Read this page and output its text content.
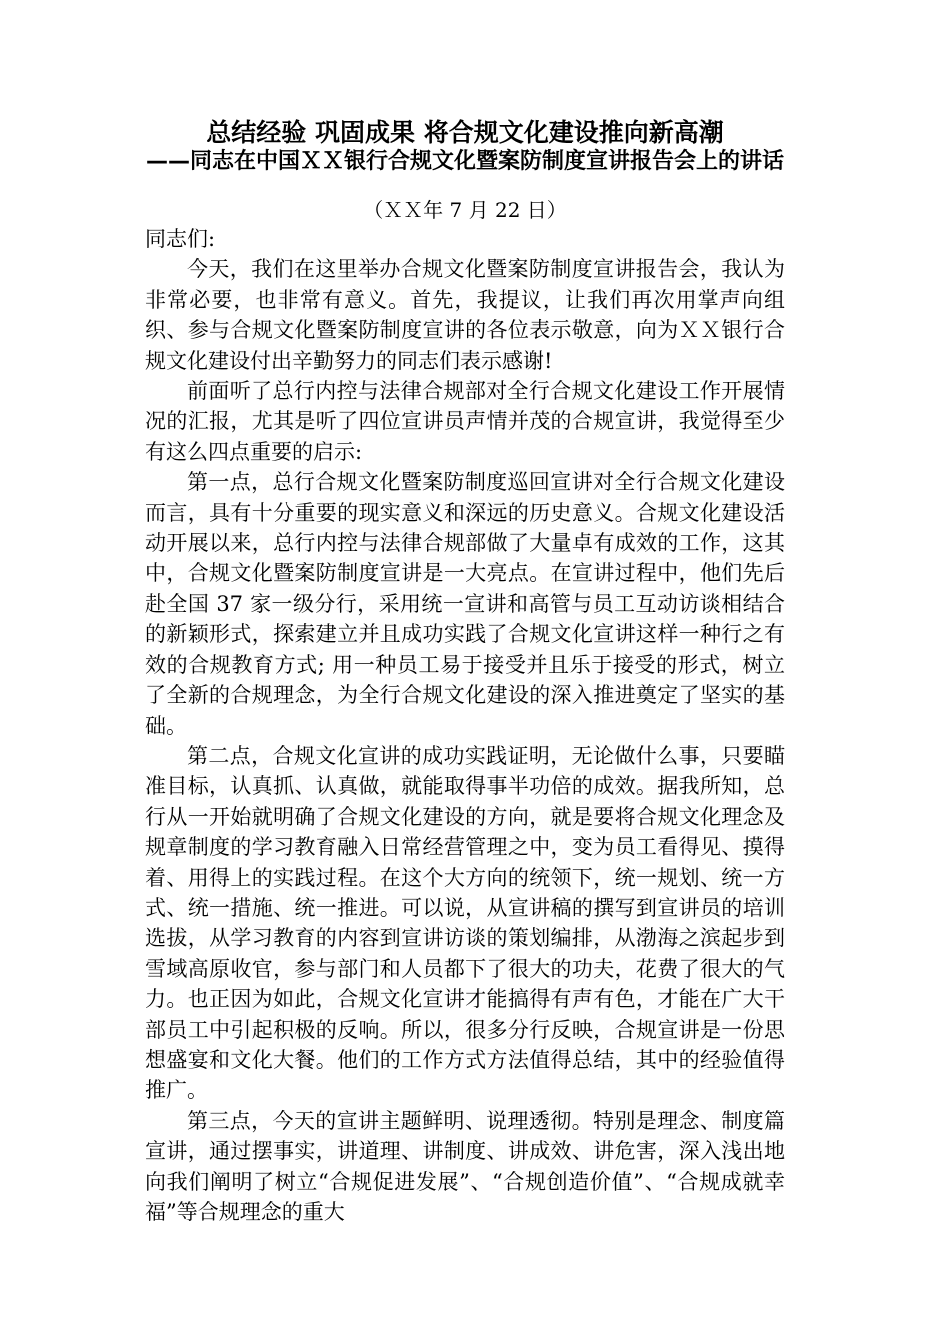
总结经验 巩固成果 将合规文化建设推向新高潮
——同志在中国ＸＸ银行合规文化暨案防制度宣讲报告会上的讲话

（ＸＸ年 7 月 22 日）

同志们:

今天，我们在这里举办合规文化暨案防制度宣讲报告会，我认为非常必要，也非常有意义。首先，我提议，让我们再次用掌声向组织、参与合规文化暨案防制度宣讲的各位表示敬意，向为ＸＸ银行合规文化建设付出辛勤努力的同志们表示感谢!

前面听了总行内控与法律合规部对全行合规文化建设工作开展情况的汇报，尤其是听了四位宣讲员声情并茂的合规宣讲，我觉得至少有这么四点重要的启示:

第一点，总行合规文化暨案防制度巡回宣讲对全行合规文化建设而言，具有十分重要的现实意义和深远的历史意义。合规文化建设活动开展以来，总行内控与法律合规部做了大量卓有成效的工作，这其中，合规文化暨案防制度宣讲是一大亮点。在宣讲过程中，他们先后赴全国 37 家一级分行，采用统一宣讲和高管与员工互动访谈相结合的新颖形式，探索建立并且成功实践了合规文化宣讲这样一种行之有效的合规教育方式; 用一种员工易于接受并且乐于接受的形式，树立了全新的合规理念，为全行合规文化建设的深入推进奠定了坚实的基础。

第二点，合规文化宣讲的成功实践证明，无论做什么事，只要瞄准目标，认真抓、认真做，就能取得事半功倍的成效。据我所知，总行从一开始就明确了合规文化建设的方向，就是要将合规文化理念及规章制度的学习教育融入日常经营管理之中，变为员工看得见、摸得着、用得上的实践过程。在这个大方向的统领下，统一规划、统一方式、统一措施、统一推进。可以说，从宣讲稿的撰写到宣讲员的培训选拔，从学习教育的内容到宣讲访谈的策划编排，从渤海之滨起步到雪域高原收官，参与部门和人员都下了很大的功夫，花费了很大的气力。也正因为如此，合规文化宣讲才能搞得有声有色，才能在广大干部员工中引起积极的反响。所以，很多分行反映，合规宣讲是一份思想盛宴和文化大餐。他们的工作方式方法值得总结，其中的经验值得推广。

第三点，今天的宣讲主题鲜明、说理透彻。特别是理念、制度篇宣讲，通过摆事实，讲道理、讲制度、讲成效、讲危害，深入浅出地向我们阐明了树立“合规促进发展”、“合规创造价值”、“合规成就幸福”等合规理念的重大
